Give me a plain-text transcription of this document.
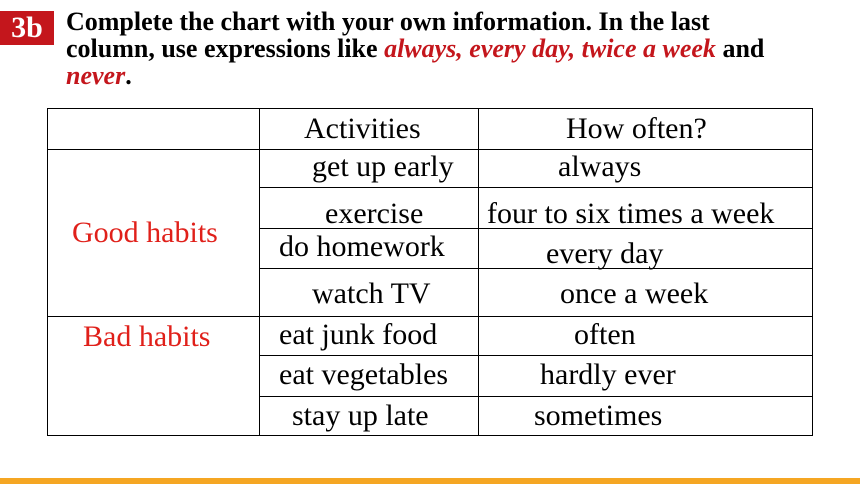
3b Complete the chart with your own information. In the last
column, use expressions like always, every day, twice a week and
never.
Activities	How often?
Good habits
Bad habits
get up early
exercise
do homework
watch TV
eat junk food
eat vegetables
stay up late
always
four to six times a week
every day
once a week
often
hardly ever
sometimes
